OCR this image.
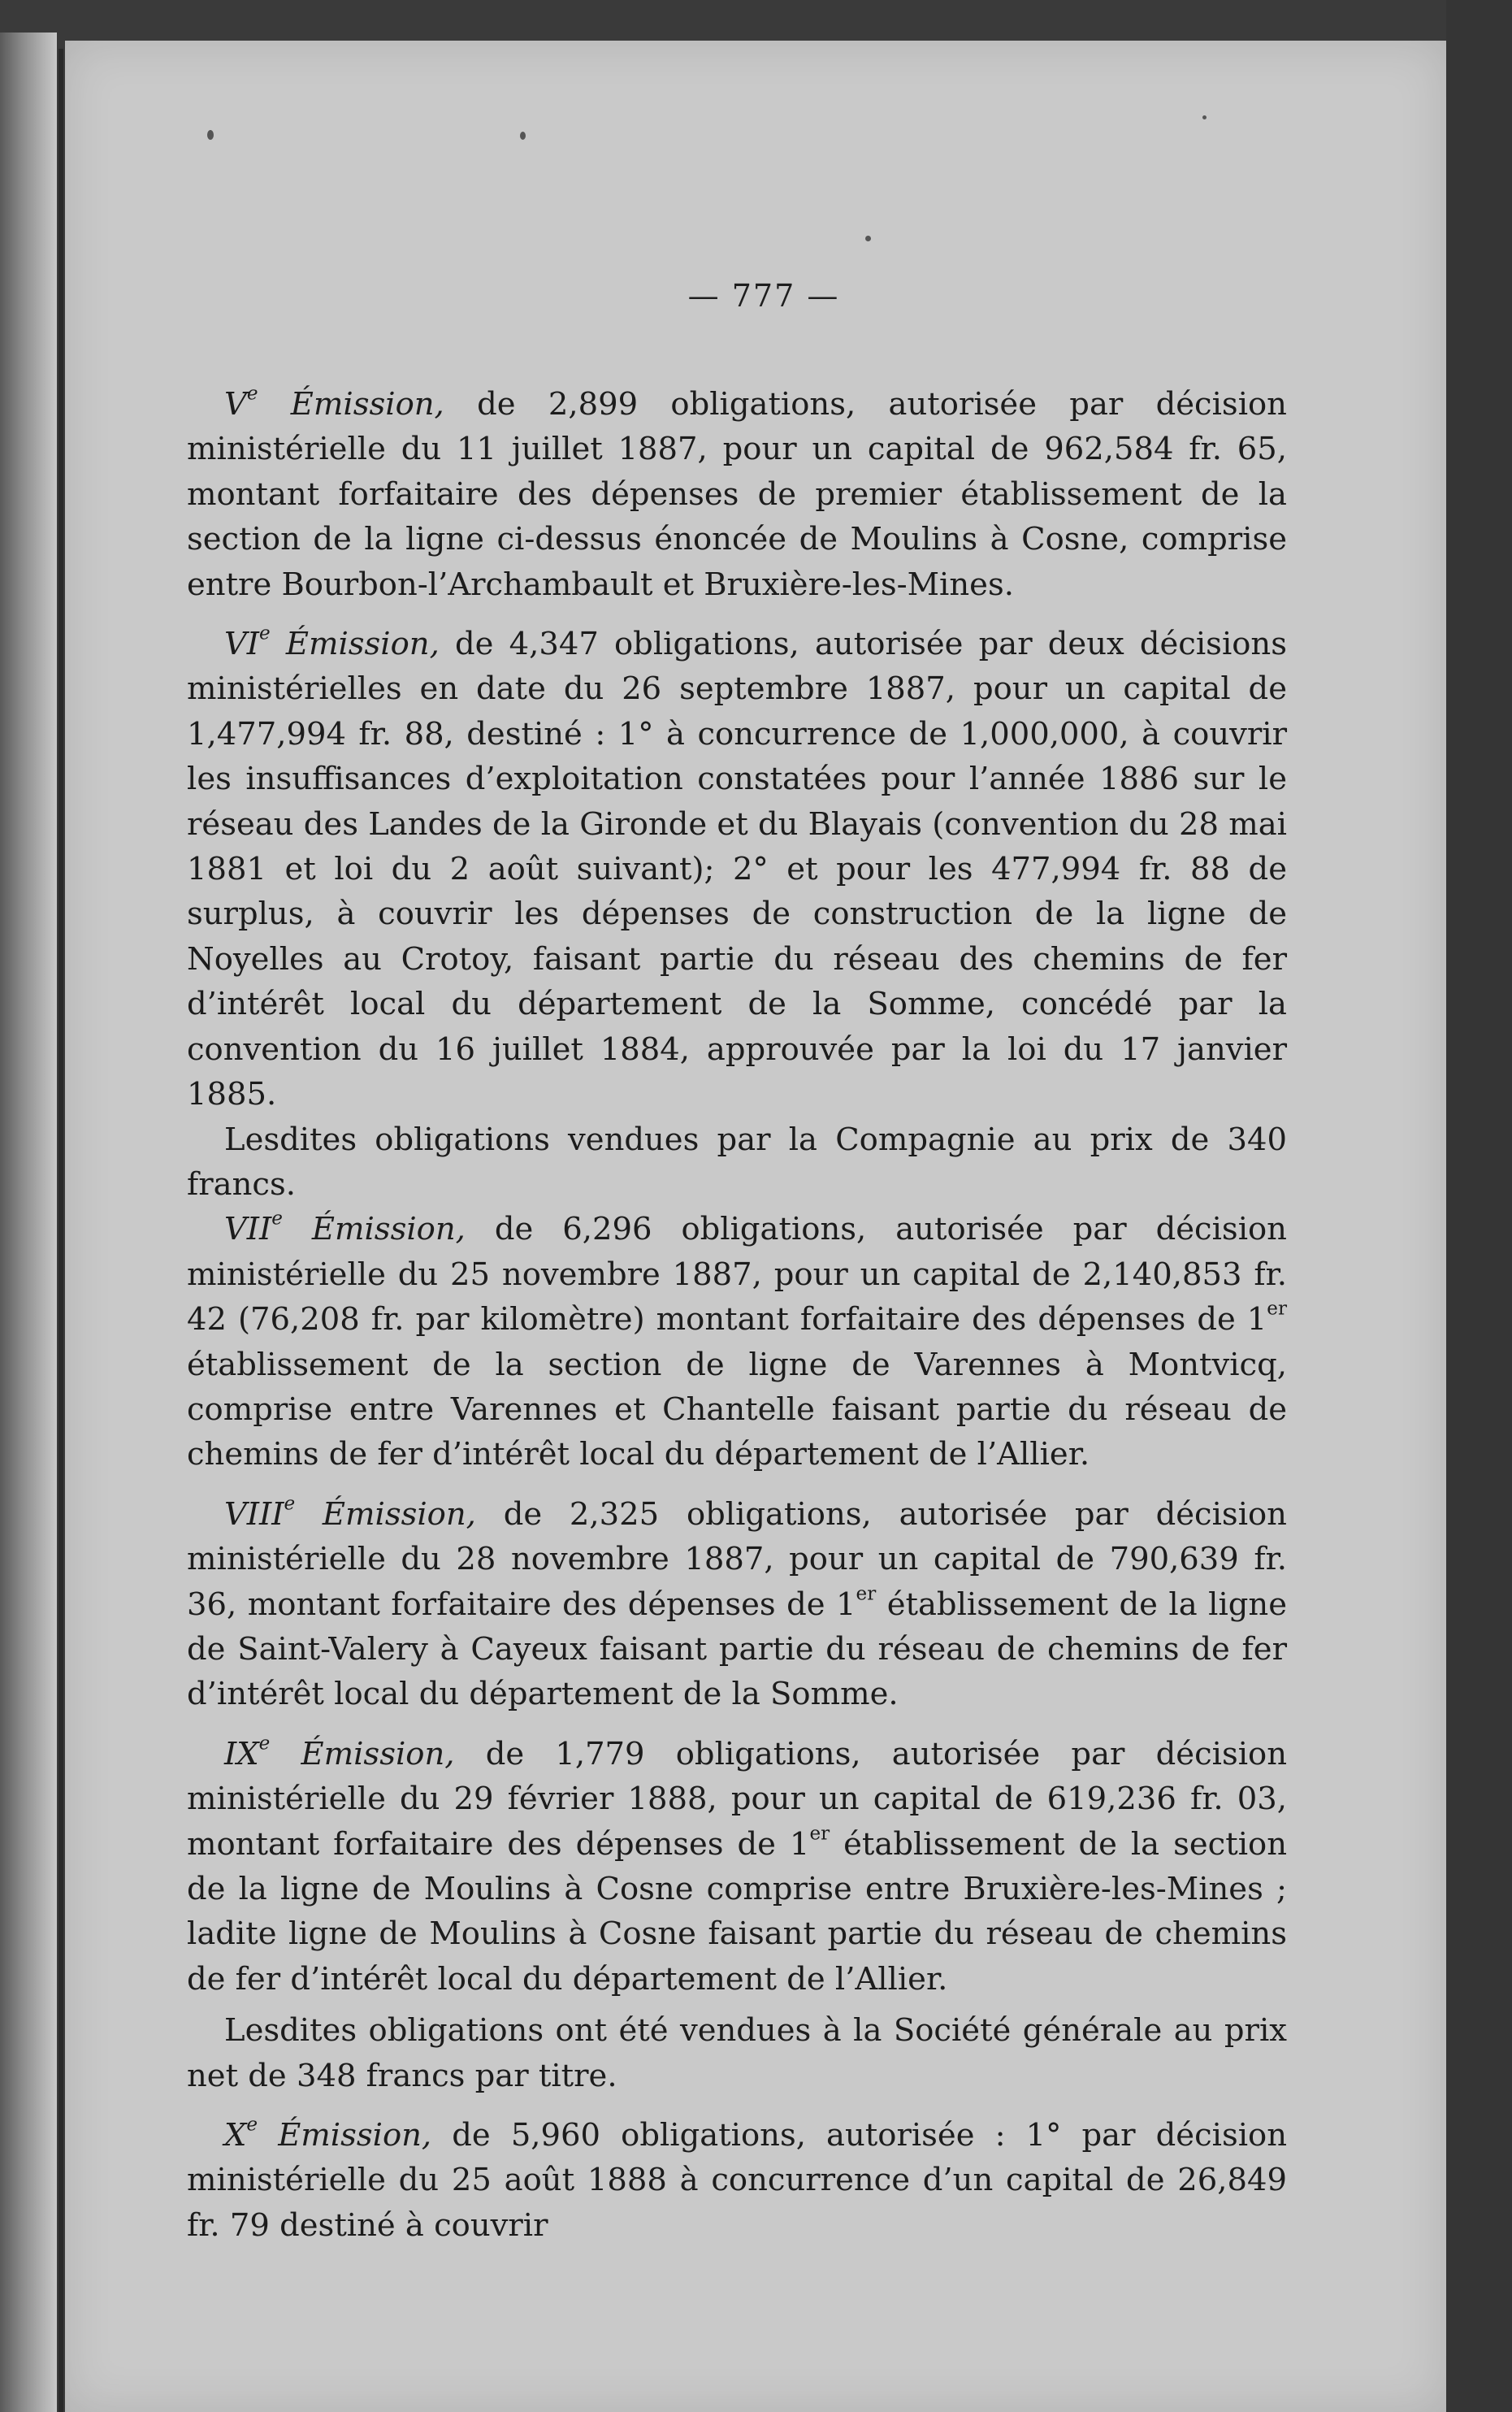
— 777 —

Ve Émission, de 2,899 obligations, autorisée par décision ministérielle du 11 juillet 1887, pour un capital de 962,584 fr. 65, montant forfaitaire des dépenses de premier établissement de la section de la ligne ci-dessus énoncée de Moulins à Cosne, comprise entre Bourbon-l’Archambault et Bruxière-les-Mines.

VIe Émission, de 4,347 obligations, autorisée par deux décisions ministérielles en date du 26 septembre 1887, pour un capital de 1,477,994 fr. 88, destiné : 1° à concurrence de 1,000,000, à couvrir les insuffisances d’exploitation constatées pour l’année 1886 sur le réseau des Landes de la Gironde et du Blayais (convention du 28 mai 1881 et loi du 2 août suivant); 2° et pour les 477,994 fr. 88 de surplus, à couvrir les dépenses de construction de la ligne de Noyelles au Crotoy, faisant partie du réseau des chemins de fer d’intérêt local du département de la Somme, concédé par la convention du 16 juillet 1884, approuvée par la loi du 17 janvier 1885.

Lesdites obligations vendues par la Compagnie au prix de 340 francs.

VIIe Émission, de 6,296 obligations, autorisée par décision ministérielle du 25 novembre 1887, pour un capital de 2,140,853 fr. 42 (76,208 fr. par kilomètre) montant forfaitaire des dépenses de 1er établissement de la section de ligne de Varennes à Montvicq, comprise entre Varennes et Chantelle faisant partie du réseau de chemins de fer d’intérêt local du département de l’Allier.

VIIIe Émission, de 2,325 obligations, autorisée par décision ministérielle du 28 novembre 1887, pour un capital de 790,639 fr. 36, montant forfaitaire des dépenses de 1er établissement de la ligne de Saint-Valery à Cayeux faisant partie du réseau de chemins de fer d’intérêt local du département de la Somme.

IXe Émission, de 1,779 obligations, autorisée par décision ministérielle du 29 février 1888, pour un capital de 619,236 fr. 03, montant forfaitaire des dépenses de 1er établissement de la section de la ligne de Moulins à Cosne comprise entre Bruxière-les-Mines ; ladite ligne de Moulins à Cosne faisant partie du réseau de chemins de fer d’intérêt local du département de l’Allier.

Lesdites obligations ont été vendues à la Société générale au prix net de 348 francs par titre.

Xe Émission, de 5,960 obligations, autorisée : 1° par décision ministérielle du 25 août 1888 à concurrence d’un capital de 26,849 fr. 79 destiné à couvrir
